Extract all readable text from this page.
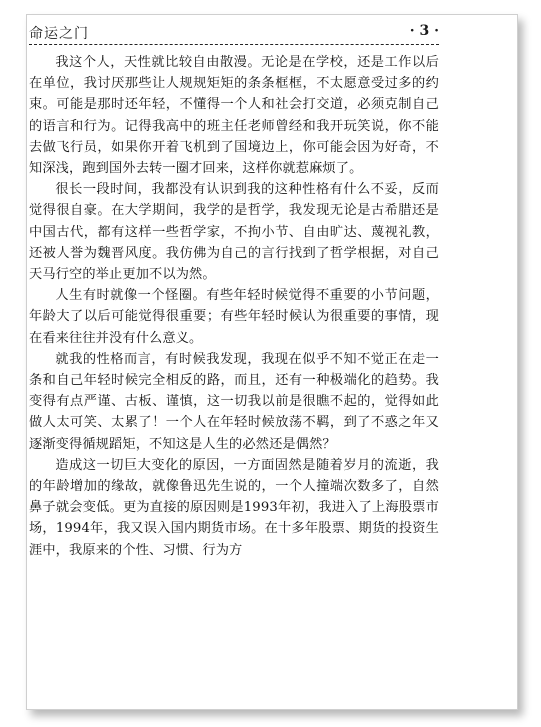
命运之门	· 3 ·

我这个人，天性就比较自由散漫。无论是在学校，还是工作以后在单位，我讨厌那些让人规规矩矩的条条框框，不太愿意受过多的约束。可能是那时还年轻，不懂得一个人和社会打交道，必须克制自己的语言和行为。记得我高中的班主任老师曾经和我开玩笑说，你不能去做飞行员，如果你开着飞机到了国境边上，你可能会因为好奇，不知深浅，跑到国外去转一圈才回来，这样你就惹麻烦了。

很长一段时间，我都没有认识到我的这种性格有什么不妥，反而觉得很自豪。在大学期间，我学的是哲学，我发现无论是古希腊还是中国古代，都有这样一些哲学家，不拘小节、自由旷达、蔑视礼教，还被人誉为魏晋风度。我仿佛为自己的言行找到了哲学根据，对自己天马行空的举止更加不以为然。

人生有时就像一个怪圈。有些年轻时候觉得不重要的小节问题，年龄大了以后可能觉得很重要；有些年轻时候认为很重要的事情，现在看来往往并没有什么意义。

就我的性格而言，有时候我发现，我现在似乎不知不觉正在走一条和自己年轻时候完全相反的路，而且，还有一种极端化的趋势。我变得有点严谨、古板、谨慎，这一切我以前是很瞧不起的，觉得如此做人太可笑、太累了！一个人在年轻时候放荡不羁，到了不惑之年又逐渐变得循规蹈矩，不知这是人生的必然还是偶然？

造成这一切巨大变化的原因，一方面固然是随着岁月的流逝，我的年龄增加的缘故，就像鲁迅先生说的，一个人撞端次数多了，自然鼻子就会变低。更为直接的原因则是1993年初，我进入了上海股票市场，1994年，我又误入国内期货市场。在十多年股票、期货的投资生涯中，我原来的个性、习惯、行为方
